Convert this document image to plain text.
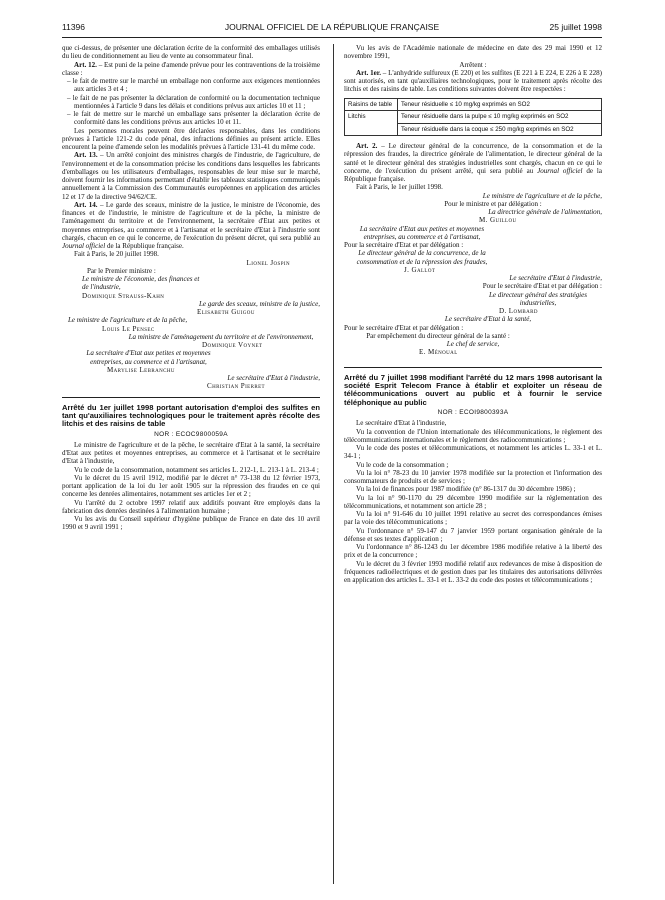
11396	JOURNAL OFFICIEL DE LA RÉPUBLIQUE FRANÇAISE	25 juillet 1998

que ci-dessus, de présenter une déclaration écrite de la conformité des emballages utilisés du lieu de conditionnement au lieu de vente au consommateur final.

Art. 12. – Est puni de la peine d'amende prévue pour les contraventions de la troisième classe :

– le fait de mettre sur le marché un emballage non conforme aux exigences mentionnées aux articles 3 et 4 ;

– le fait de ne pas présenter la déclaration de conformité ou la documentation technique mentionnées à l'article 9 dans les délais et conditions prévus aux articles 10 et 11 ;

– le fait de mettre sur le marché un emballage sans présenter la déclaration écrite de conformité dans les conditions prévus aux articles 10 et 11.

Les personnes morales peuvent être déclarées responsables, dans les conditions prévues à l'article 121-2 du code pénal, des infractions définies au présent article. Elles encourent la peine d'amende selon les modalités prévues à l'article 131-41 du même code.

Art. 13. – Un arrêté conjoint des ministres chargés de l'industrie, de l'agriculture, de l'environnement et de la consommation précise les conditions dans lesquelles les fabricants d'emballages ou les utilisateurs d'emballages, responsables de leur mise sur le marché, doivent fournir les informations permettant d'établir les tableaux statistiques communiqués annuellement à la Commission des Communautés européennes en application des articles 12 et 17 de la directive 94/62/CE.

Art. 14. – Le garde des sceaux, ministre de la justice, le ministre de l'économie, des finances et de l'industrie, le ministre de l'agriculture et de la pêche, la ministre de l'aménagement du territoire et de l'environnement, la secrétaire d'Etat aux petites et moyennes entreprises, au commerce et à l'artisanat et le secrétaire d'Etat à l'industrie sont chargés, chacun en ce qui le concerne, de l'exécution du présent décret, qui sera publié au Journal officiel de la République française.

Fait à Paris, le 20 juillet 1998.

Lionel Jospin

Par le Premier ministre :

Le ministre de l'économie, des finances et de l'industrie,

Dominique Strauss-Kahn

Le garde des sceaux, ministre de la justice,

Elisabeth Guigou

Le ministre de l'agriculture et de la pêche,

Louis Le Pensec

La ministre de l'aménagement du territoire et de l'environnement,

Dominique Voynet

La secrétaire d'Etat aux petites et moyennes entreprises, au commerce et à l'artisanat,

Marylise Lebranchu

Le secrétaire d'Etat à l'industrie,

Christian Pierret

Arrêté du 1er juillet 1998 portant autorisation d'emploi des sulfites en tant qu'auxiliaires technologiques pour le traitement après récolte des litchis et des raisins de table

NOR : ECOC9800059A

Le ministre de l'agriculture et de la pêche, le secrétaire d'Etat à la santé, la secrétaire d'Etat aux petites et moyennes entreprises, au commerce et à l'artisanat et le secrétaire d'Etat à l'industrie,

Vu le code de la consommation, notamment ses articles L. 212-1, L. 213-1 à L. 213-4 ;

Vu le décret du 15 avril 1912, modifié par le décret n° 73-138 du 12 février 1973, portant application de la loi du 1er août 1905 sur la répression des fraudes en ce qui concerne les denrées alimentaires, notamment ses articles 1er et 2 ;

Vu l'arrêté du 2 octobre 1997 relatif aux additifs pouvant être employés dans la fabrication des denrées destinées à l'alimentation humaine ;

Vu les avis du Conseil supérieur d'hygiène publique de France en date des 10 avril 1990 et 9 avril 1991 ;

Vu les avis de l'Académie nationale de médecine en date des 29 mai 1990 et 12 novembre 1991,

Arrêtent :

Art. 1er. – L'anhydride sulfureux (E 220) et les sulfites (E 221 à E 224, E 226 à E 228) sont autorisés, en tant qu'auxiliaires technologiques, pour le traitement après récolte des litchis et des raisins de table. Les conditions suivantes doivent être respectées :

Raisins de table	Teneur résiduelle ≤ 10 mg/kg exprimés en SO2
Litchis	Teneur résiduelle dans la pulpe ≤ 10 mg/kg exprimés en SO2
Teneur résiduelle dans la coque ≤ 250 mg/kg exprimés en SO2

Art. 2. – Le directeur général de la concurrence, de la consommation et de la répression des fraudes, la directrice générale de l'alimentation, le directeur général de la santé et le directeur général des stratégies industrielles sont chargés, chacun en ce qui le concerne, de l'exécution du présent arrêté, qui sera publié au Journal officiel de la République française.

Fait à Paris, le 1er juillet 1998.

Le ministre de l'agriculture et de la pêche,

Pour le ministre et par délégation :

La directrice générale de l'alimentation,

M. Guillou

La secrétaire d'Etat aux petites et moyennes entreprises, au commerce et à l'artisanat,

Pour la secrétaire d'Etat et par délégation :

Le directeur général de la concurrence, de la consommation et de la répression des fraudes,

J. Gallot

Le secrétaire d'Etat à l'industrie,

Pour le secrétaire d'Etat et par délégation :

Le directeur général des stratégies industrielles,

D. Lombard

Le secrétaire d'Etat à la santé,

Pour le secrétaire d'Etat et par délégation :

Par empêchement du directeur général de la santé :

Le chef de service,

E. Ménoual

Arrêté du 7 juillet 1998 modifiant l'arrêté du 12 mars 1998 autorisant la société Esprit Telecom France à établir et exploiter un réseau de télécommunications ouvert au public et à fournir le service téléphonique au public

NOR : ECOI9800393A

Le secrétaire d'Etat à l'industrie,

Vu la convention de l'Union internationale des télécommunications, le règlement des télécommunications internationales et le règlement des radiocommunications ;

Vu le code des postes et télécommunications, et notamment les articles L. 33-1 et L. 34-1 ;

Vu le code de la consommation ;

Vu la loi n° 78-23 du 10 janvier 1978 modifiée sur la protection et l'information des consommateurs de produits et de services ;

Vu la loi de finances pour 1987 modifiée (n° 86-1317 du 30 décembre 1986) ;

Vu la loi n° 90-1170 du 29 décembre 1990 modifiée sur la réglementation des télécommunications, et notamment son article 28 ;

Vu la loi n° 91-646 du 10 juillet 1991 relative au secret des correspondances émises par la voie des télécommunications ;

Vu l'ordonnance n° 59-147 du 7 janvier 1959 portant organisation générale de la défense et ses textes d'application ;

Vu l'ordonnance n° 86-1243 du 1er décembre 1986 modifiée relative à la liberté des prix et de la concurrence ;

Vu le décret du 3 février 1993 modifié relatif aux redevances de mise à disposition de fréquences radioélectriques et de gestion dues par les titulaires des autorisations délivrées en application des articles L. 33-1 et L. 33-2 du code des postes et télécommunications ;
